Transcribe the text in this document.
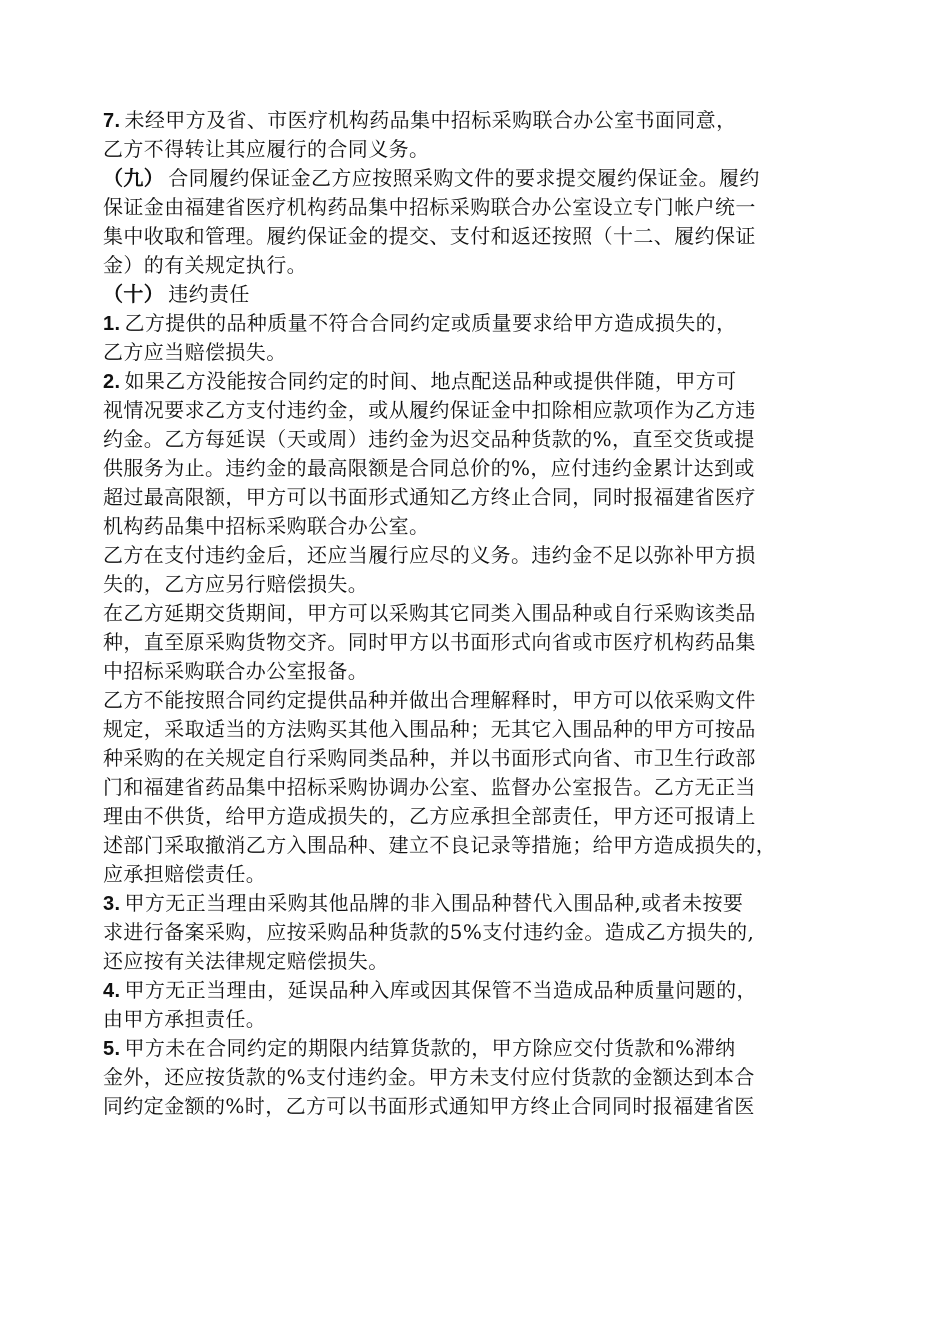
7. 未经甲方及省、市医疗机构药品集中招标采购联合办公室书面同意，
乙方不得转让其应履行的合同义务。
（九） 合同履约保证金乙方应按照采购文件的要求提交履约保证金。履约
保证金由福建省医疗机构药品集中招标采购联合办公室设立专门帐户统一
集中收取和管理。履约保证金的提交、支付和返还按照（十二、履约保证
金）的有关规定执行。
（十） 违约责任
1. 乙方提供的品种质量不符合合同约定或质量要求给甲方造成损失的，
乙方应当赔偿损失。
2. 如果乙方没能按合同约定的时间、地点配送品种或提供伴随，甲方可
视情况要求乙方支付违约金，或从履约保证金中扣除相应款项作为乙方违
约金。乙方每延误（天或周）违约金为迟交品种货款的%，直至交货或提
供服务为止。违约金的最高限额是合同总价的%，应付违约金累计达到或
超过最高限额，甲方可以书面形式通知乙方终止合同，同时报福建省医疗
机构药品集中招标采购联合办公室。
乙方在支付违约金后，还应当履行应尽的义务。违约金不足以弥补甲方损
失的，乙方应另行赔偿损失。
在乙方延期交货期间，甲方可以采购其它同类入围品种或自行采购该类品
种，直至原采购货物交齐。同时甲方以书面形式向省或市医疗机构药品集
中招标采购联合办公室报备。
乙方不能按照合同约定提供品种并做出合理解释时，甲方可以依采购文件
规定，采取适当的方法购买其他入围品种；无其它入围品种的甲方可按品
种采购的在关规定自行采购同类品种，并以书面形式向省、市卫生行政部
门和福建省药品集中招标采购协调办公室、监督办公室报告。乙方无正当
理由不供货，给甲方造成损失的，乙方应承担全部责任，甲方还可报请上
述部门采取撤消乙方入围品种、建立不良记录等措施；给甲方造成损失的，
应承担赔偿责任。
3. 甲方无正当理由采购其他品牌的非入围品种替代入围品种,或者未按要
求进行备案采购，应按采购品种货款的5%支付违约金。造成乙方损失的,
还应按有关法律规定赔偿损失。
4. 甲方无正当理由，延误品种入库或因其保管不当造成品种质量问题的，
由甲方承担责任。
5. 甲方未在合同约定的期限内结算货款的，甲方除应交付货款和%滞纳
金外，还应按货款的%支付违约金。甲方未支付应付货款的金额达到本合
同约定金额的%时，乙方可以书面形式通知甲方终止合同同时报福建省医
